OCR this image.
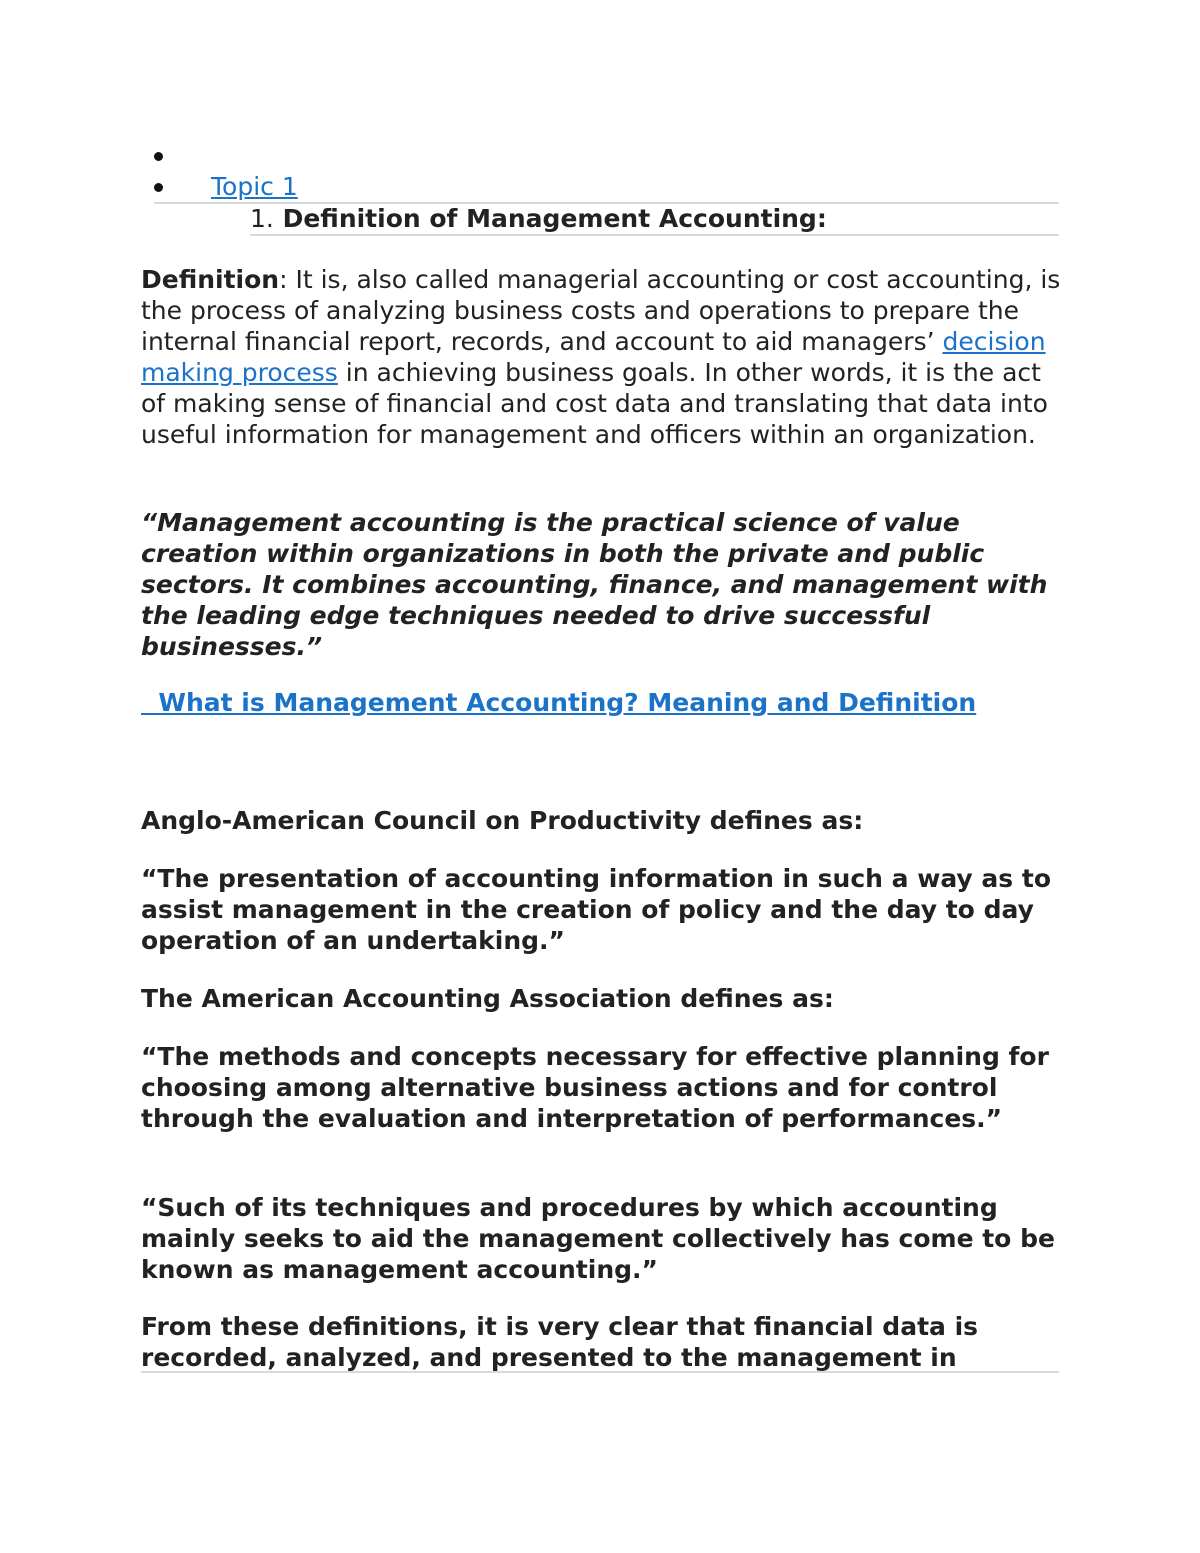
Topic 1
1. Definition of Management Accounting:

Definition: It is, also called managerial accounting or cost accounting, is the process of analyzing business costs and operations to prepare the internal financial report, records, and account to aid managers’ decision making process in achieving business goals. In other words, it is the act of making sense of financial and cost data and translating that data into useful information for management and officers within an organization.

“Management accounting is the practical science of value creation within organizations in both the private and public sectors. It combines accounting, finance, and management with the leading edge techniques needed to drive successful businesses.”

What is Management Accounting? Meaning and Definition

Anglo-American Council on Productivity defines as:

“The presentation of accounting information in such a way as to assist management in the creation of policy and the day to day operation of an undertaking.”

The American Accounting Association defines as:

“The methods and concepts necessary for effective planning for choosing among alternative business actions and for control through the evaluation and interpretation of performances.”

“Such of its techniques and procedures by which accounting mainly seeks to aid the management collectively has come to be known as management accounting.”

From these definitions, it is very clear that financial data is recorded, analyzed, and presented to the management in
